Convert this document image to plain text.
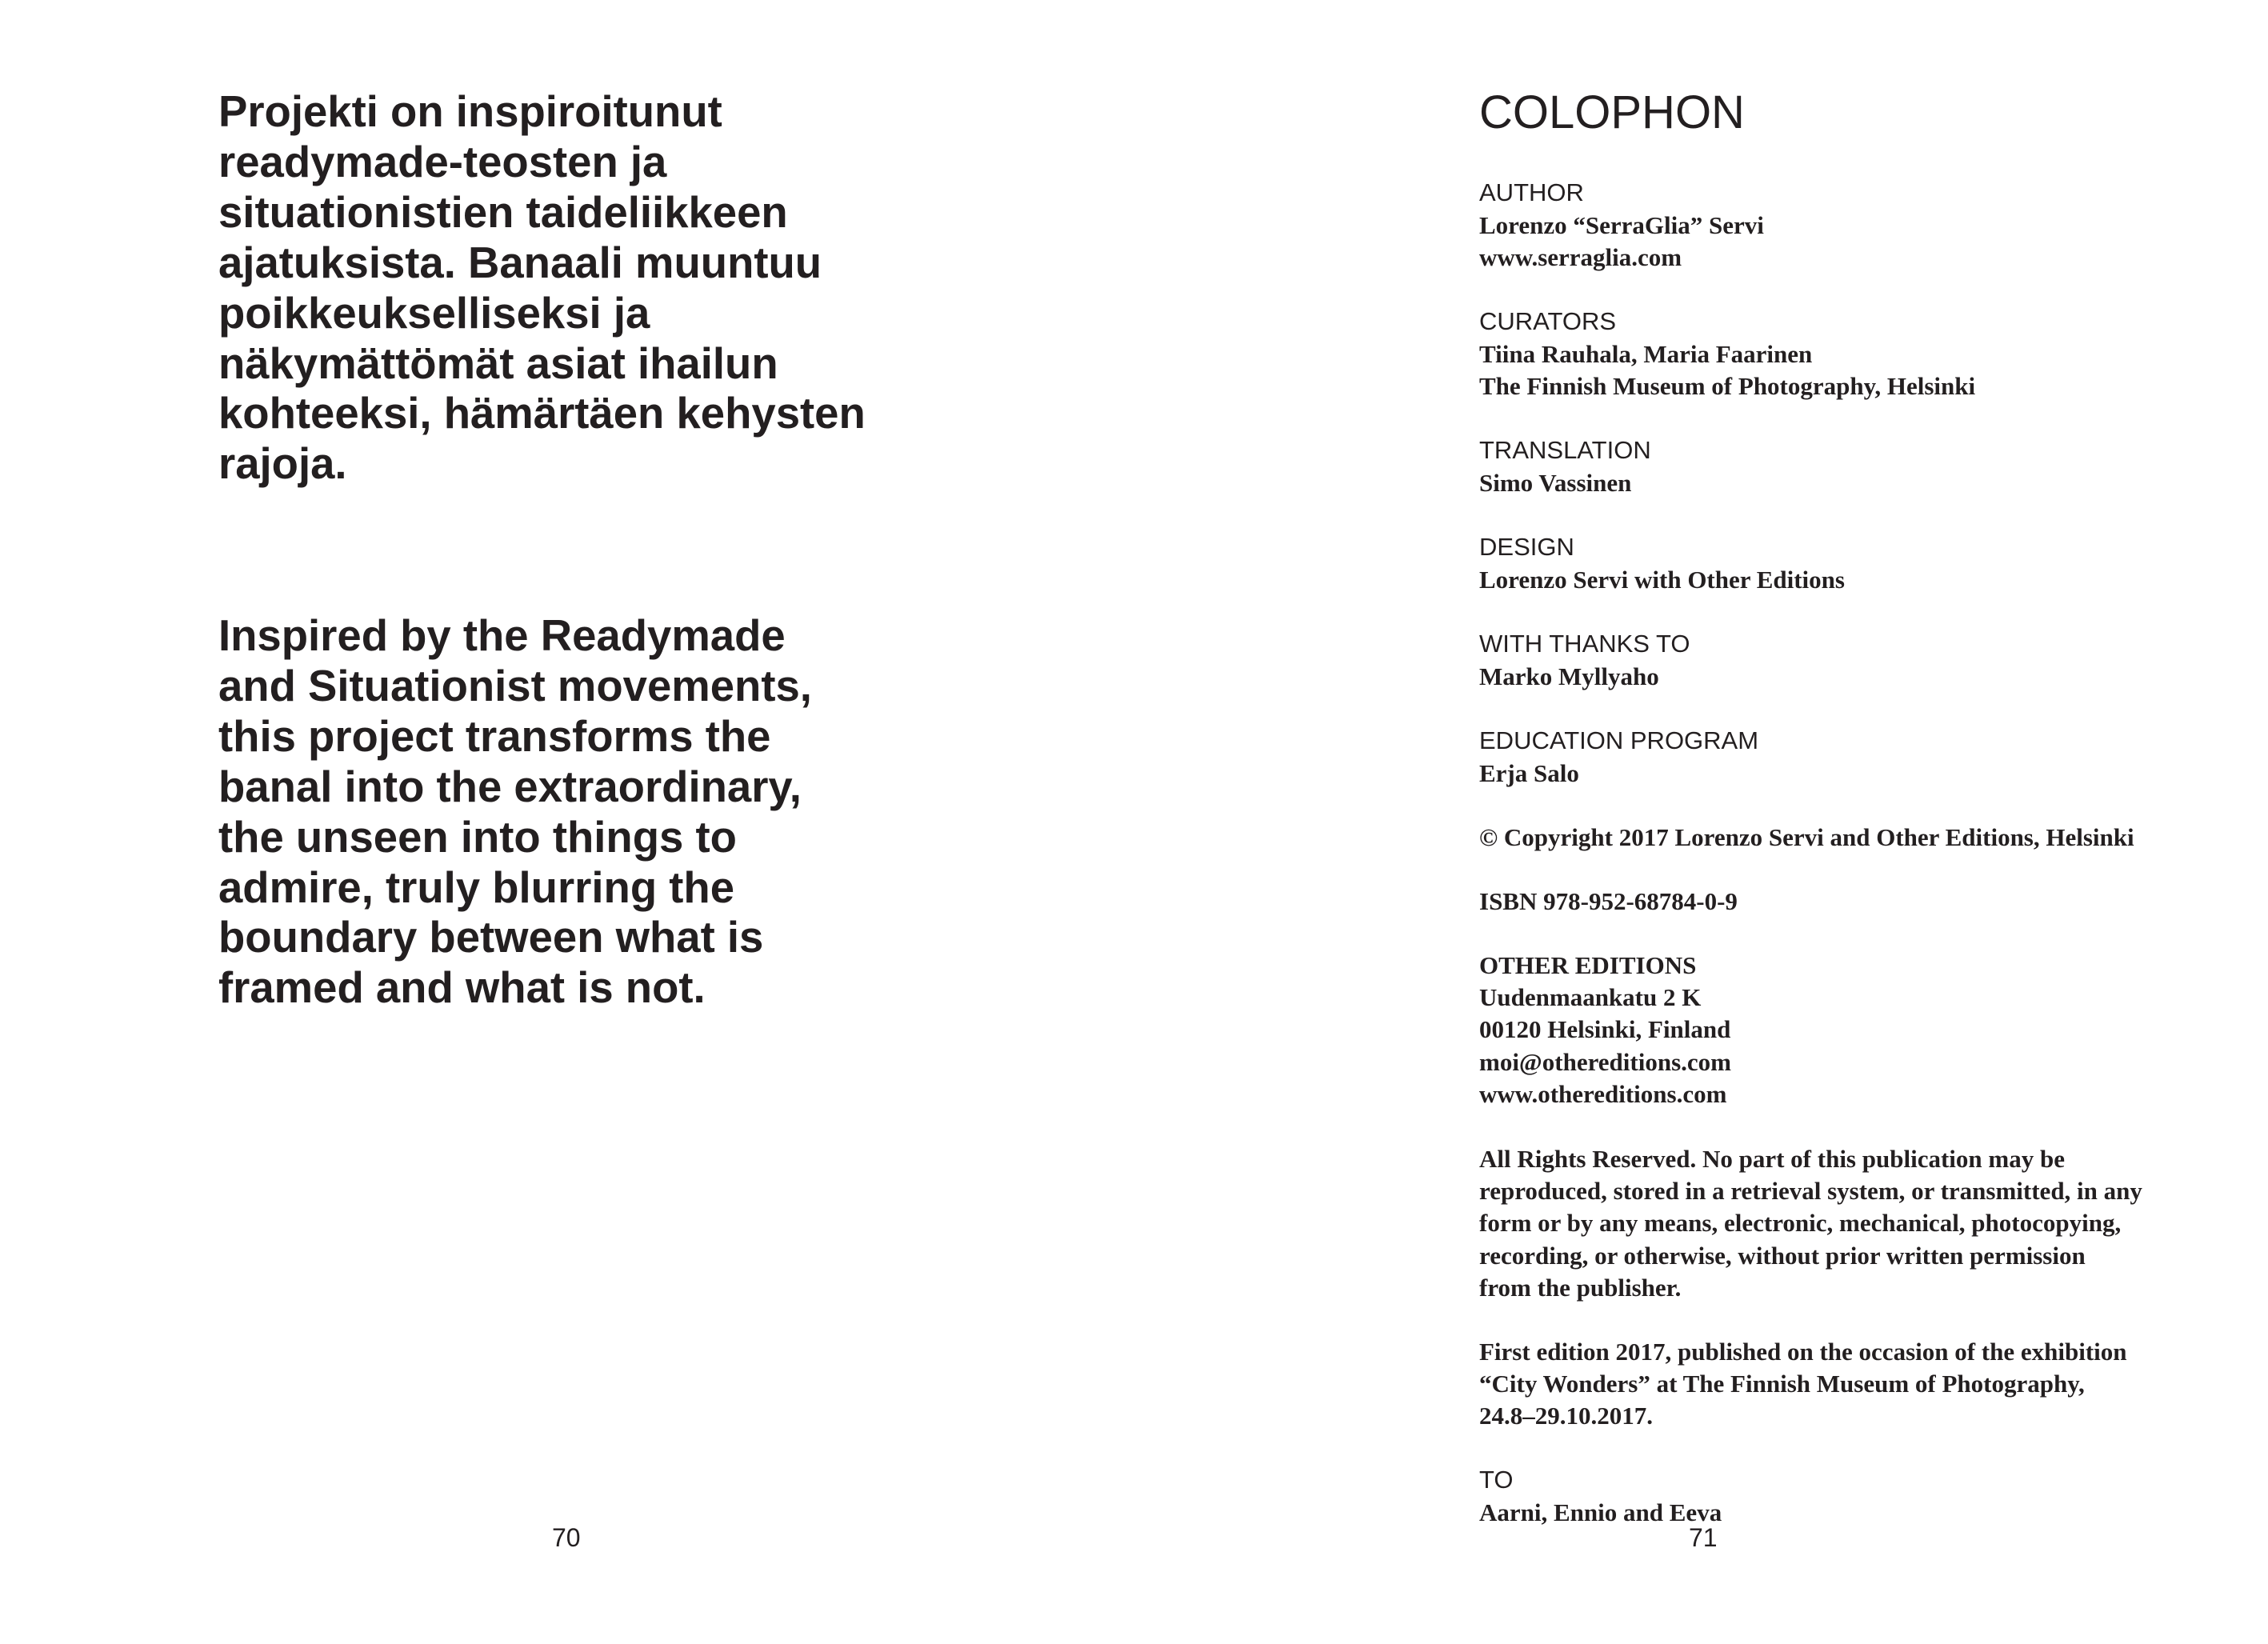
Projekti on inspiroitunut
readymade-teosten ja
situationistien taideliikkeen
ajatuksista. Banaali muuntuu
poikkeukselliseksi ja
näkymättömät asiat ihailun
kohteeksi, hämärtäen kehysten
rajoja.

Inspired by the Readymade
and Situationist movements,
this project transforms the
banal into the extraordinary,
the unseen into things to
admire, truly blurring the
boundary between what is
framed and what is not.

70
COLOPHON
AUTHOR
Lorenzo “SerraGlia” Servi
www.serraglia.com
CURATORS
Tiina Rauhala, Maria Faarinen
The Finnish Museum of Photography, Helsinki
TRANSLATION
Simo Vassinen
DESIGN
Lorenzo Servi with Other Editions
WITH THANKS TO
Marko Myllyaho
EDUCATION PROGRAM
Erja Salo
© Copyright 2017 Lorenzo Servi and Other Editions, Helsinki
ISBN 978-952-68784-0-9
OTHER EDITIONS
Uudenmaankatu 2 K
00120 Helsinki, Finland
moi@othereditions.com
www.othereditions.com
All Rights Reserved. No part of this publication may be
reproduced, stored in a retrieval system, or transmitted, in any
form or by any means, electronic, mechanical, photocopying,
recording, or otherwise, without prior written permission
from the publisher.
First edition 2017, published on the occasion of the exhibition
“City Wonders” at The Finnish Museum of Photography,
24.8–29.10.2017.
TO
Aarni, Ennio and Eeva
71
